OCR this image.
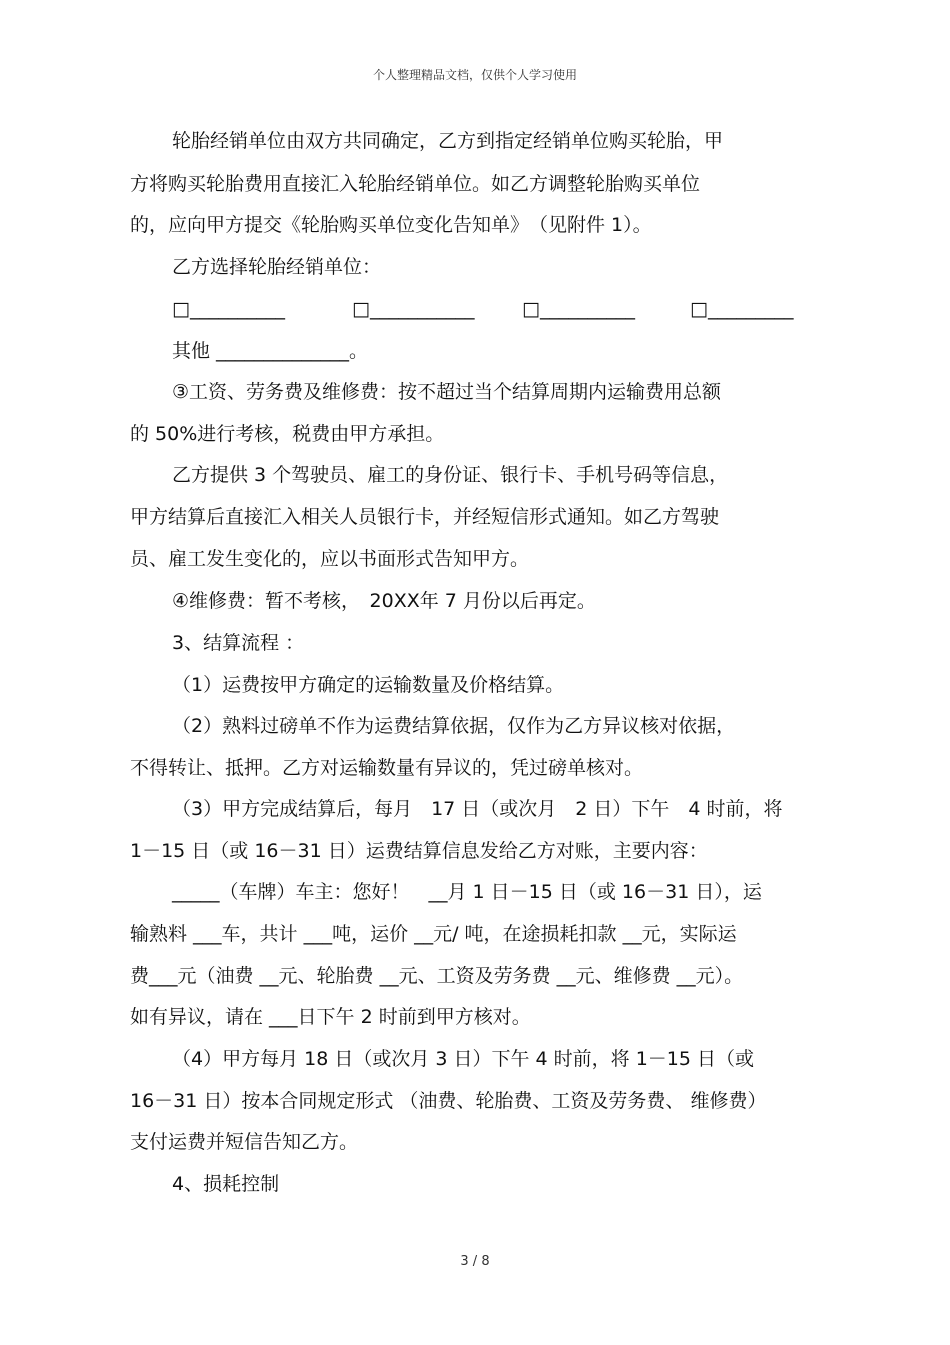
个人整理精品文档，仅供个人学习使用
轮胎经销单位由双方共同确定，乙方到指定经销单位购买轮胎，甲
方将购买轮胎费用直接汇入轮胎经销单位。如乙方调整轮胎购买单位
的，应向甲方提交《轮胎购买单位变化告知单》　（见附件 1）。
乙方选择轮胎经销单位：
□__________	□___________	□__________	□_________
其他 ______________。
③工资、劳务费及维修费：按不超过当个结算周期内运输费用总额
的 50%进行考核，税费由甲方承担。
乙方提供 3 个驾驶员、雇工的身份证、银行卡、手机号码等信息，
甲方结算后直接汇入相关人员银行卡，并经短信形式通知。如乙方驾驶
员、雇工发生变化的，应以书面形式告知甲方。
④维修费：暂不考核，　20XX年 7 月份以后再定。
3、结算流程 ：
（1）运费按甲方确定的运输数量及价格结算。
（2）熟料过磅单不作为运费结算依据，仅作为乙方异议核对依据，
不得转让、抵押。乙方对运输数量有异议的，凭过磅单核对。
（3）甲方完成结算后，每月　17 日（或次月　2 日）下午　4 时前，将
1－15 日（或 16－31 日）运费结算信息发给乙方对账，主要内容：
_____（车牌）车主：您好！　__月 1 日－15 日（或 16－31 日），运
输熟料 ___车，共计 ___吨，运价 __元/ 吨，在途损耗扣款 __元，实际运
费___元（油费 __元、轮胎费 __元、工资及劳务费 __元、维修费 __元）。
如有异议，请在 ___日下午 2 时前到甲方核对。
（4）甲方每月 18 日（或次月 3 日）下午 4 时前，将 1－15 日（或
16－31 日）按本合同规定形式 （油费、轮胎费、工资及劳务费、 维修费）
支付运费并短信告知乙方。
4、损耗控制
3 / 8
